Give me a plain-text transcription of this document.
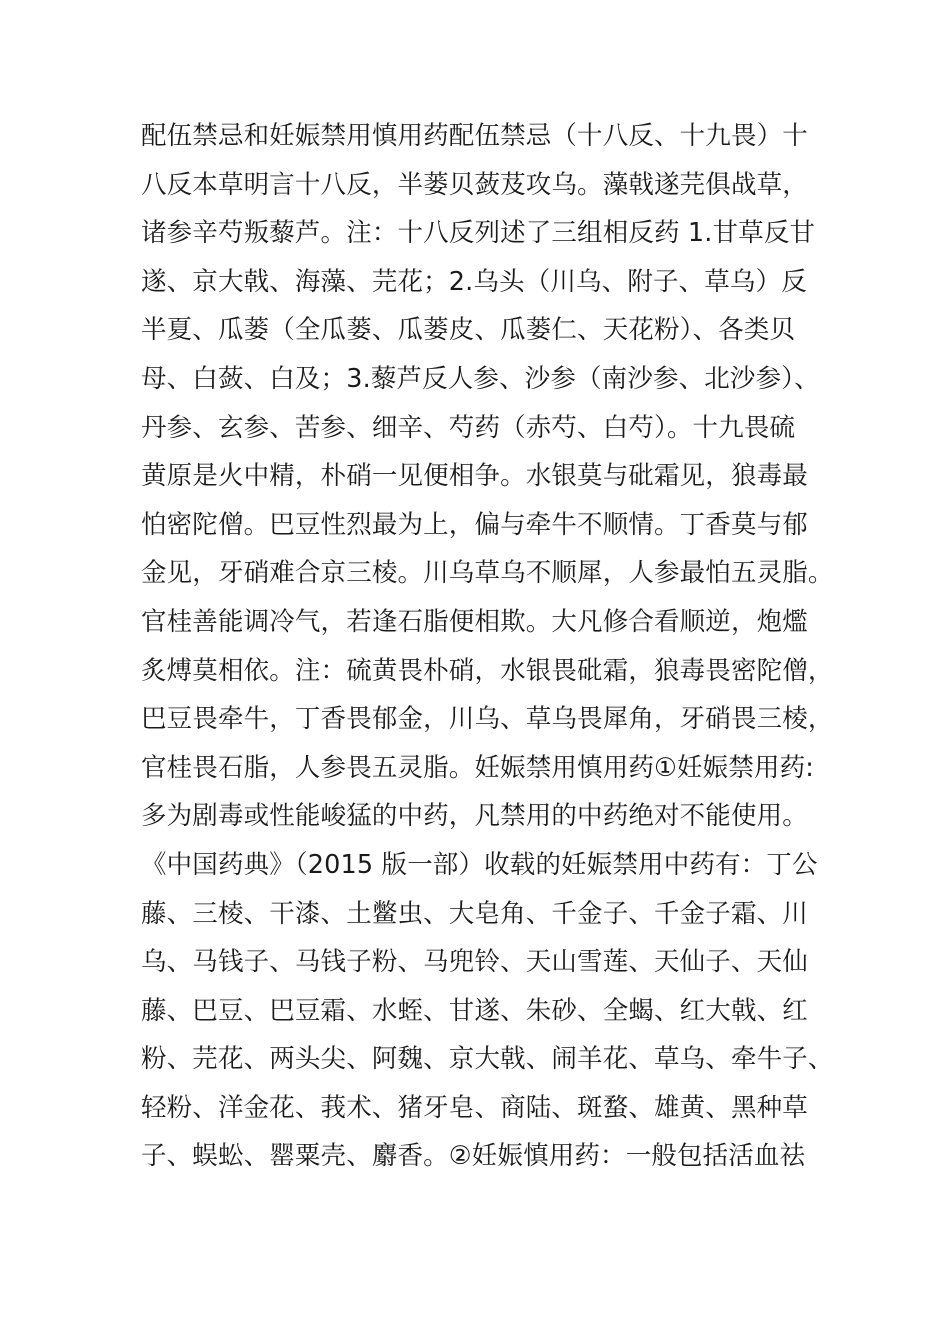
配伍禁忌和妊娠禁用慎用药配伍禁忌（十八反、十九畏）十
八反本草明言十八反，半蒌贝蔹芨攻乌。藻戟遂芫俱战草，
诸参辛芍叛藜芦。注：十八反列述了三组相反药 1.甘草反甘
遂、京大戟、海藻、芫花；2.乌头（川乌、附子、草乌）反
半夏、瓜蒌（全瓜蒌、瓜蒌皮、瓜蒌仁、天花粉）、各类贝
母、白蔹、白及；3.藜芦反人参、沙参（南沙参、北沙参）、
丹参、玄参、苦参、细辛、芍药（赤芍、白芍）。十九畏硫
黄原是火中精，朴硝一见便相争。水银莫与砒霜见，狼毒最
怕密陀僧。巴豆性烈最为上，偏与牵牛不顺情。丁香莫与郁
金见，牙硝难合京三棱。川乌草乌不顺犀，人参最怕五灵脂。
官桂善能调冷气，若逢石脂便相欺。大凡修合看顺逆，炮爁
炙煿莫相依。注：硫黄畏朴硝，水银畏砒霜，狼毒畏密陀僧，
巴豆畏牵牛，丁香畏郁金，川乌、草乌畏犀角，牙硝畏三棱，
官桂畏石脂，人参畏五灵脂。妊娠禁用慎用药①妊娠禁用药:
多为剧毒或性能峻猛的中药，凡禁用的中药绝对不能使用。
《中国药典》（2015 版一部）收载的妊娠禁用中药有：丁公
藤、三棱、干漆、土鳖虫、大皂角、千金子、千金子霜、川
乌、马钱子、马钱子粉、马兜铃、天山雪莲、天仙子、天仙
藤、巴豆、巴豆霜、水蛭、甘遂、朱砂、全蝎、红大戟、红
粉、芫花、两头尖、阿魏、京大戟、闹羊花、草乌、牵牛子、
轻粉、洋金花、莪术、猪牙皂、商陆、斑蝥、雄黄、黑种草
子、蜈蚣、罂粟壳、麝香。②妊娠慎用药：一般包括活血祛
